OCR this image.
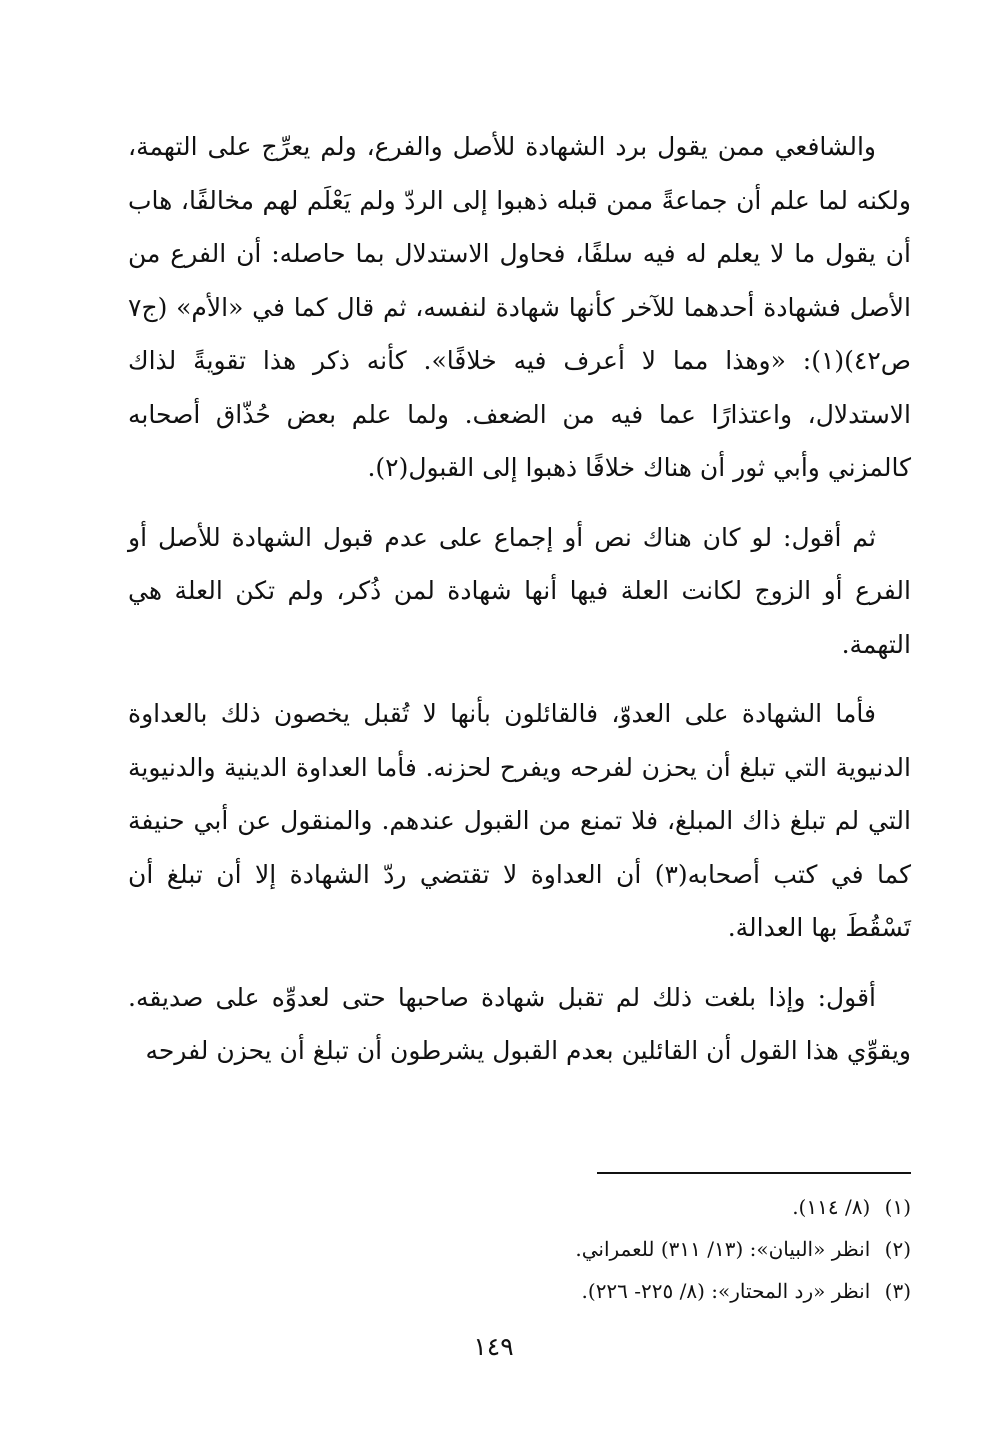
والشافعي ممن يقول برد الشهادة للأصل والفرع، ولم يعرِّج على التهمة، ولكنه لما علم أن جماعةً ممن قبله ذهبوا إلى الردّ ولم يَعْلَم لهم مخالفًا، هاب أن يقول ما لا يعلم له فيه سلفًا، فحاول الاستدلال بما حاصله: أن الفرع من الأصل فشهادة أحدهما للآخر كأنها شهادة لنفسه، ثم قال كما في «الأم» (ج٧ ص٤٢)(١): «وهذا مما لا أعرف فيه خلافًا». كأنه ذكر هذا تقويةً لذاك الاستدلال، واعتذارًا عما فيه من الضعف. ولما علم بعض حُذّاق أصحابه كالمزني وأبي ثور أن هناك خلافًا ذهبوا إلى القبول(٢).

ثم أقول: لو كان هناك نص أو إجماع على عدم قبول الشهادة للأصل أو الفرع أو الزوج لكانت العلة فيها أنها شهادة لمن ذُكر، ولم تكن العلة هي التهمة.

فأما الشهادة على العدوّ، فالقائلون بأنها لا تُقبل يخصون ذلك بالعداوة الدنيوية التي تبلغ أن يحزن لفرحه ويفرح لحزنه. فأما العداوة الدينية والدنيوية التي لم تبلغ ذاك المبلغ، فلا تمنع من القبول عندهم. والمنقول عن أبي حنيفة كما في كتب أصحابه(٣) أن العداوة لا تقتضي ردّ الشهادة إلا أن تبلغ أن تَسْقُطَ بها العدالة.

أقول: وإذا بلغت ذلك لم تقبل شهادة صاحبها حتى لعدوِّه على صديقه. ويقوِّي هذا القول أن القائلين بعدم القبول يشرطون أن تبلغ أن يحزن لفرحه

(١) (٨/ ١١٤).

(٢) انظر «البيان»: (١٣/ ٣١١) للعمراني.

(٣) انظر «رد المحتار»: (٨/ ٢٢٥- ٢٢٦).

١٤٩
